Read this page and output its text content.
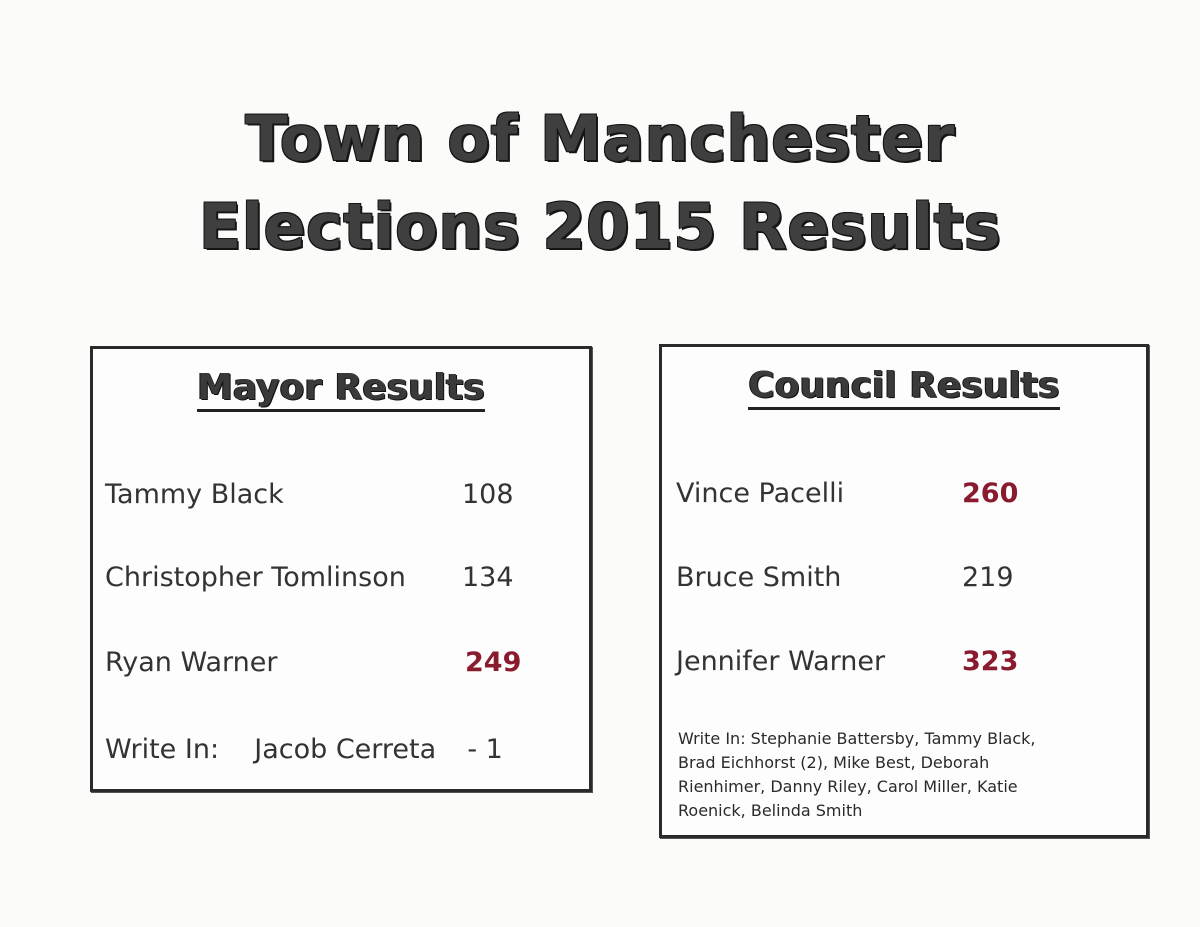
Town of Manchester
Elections 2015 Results
Mayor Results
Tammy Black	108
Christopher Tomlinson 134
Ryan Warner	249
Write In: Jacob Cerreta - 1
Council Results
Vince Pacelli	260
Bruce Smith	219
Jennifer Warner	323
Write In: Stephanie Battersby, Tammy Black, Brad Eichhorst (2), Mike Best, Deborah Rienhimer, Danny Riley, Carol Miller, Katie Roenick, Belinda Smith
